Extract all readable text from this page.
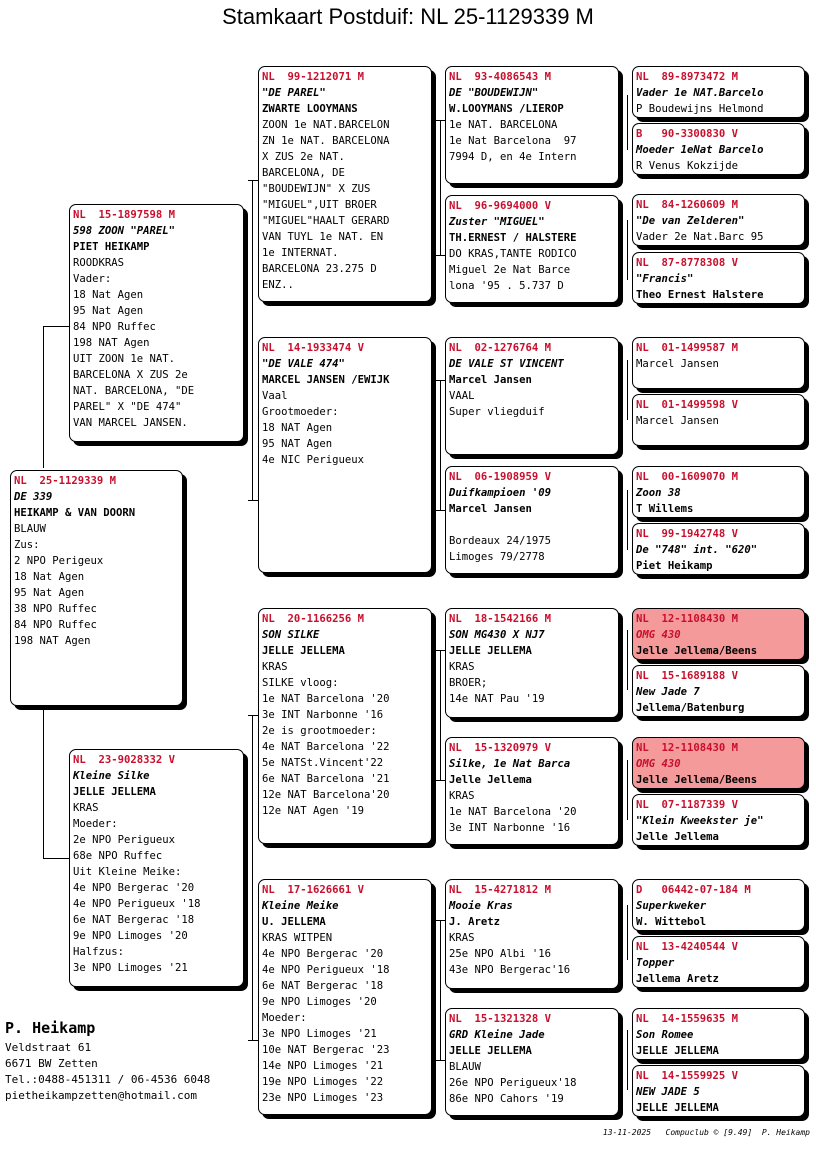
Stamkaart Postduif: NL 25-1129339 M
NL  25-1129339 M
DE 339
HEIKAMP & VAN DOORN
BLAUW
Zus:
2 NPO Perigeux
18 Nat Agen
95 Nat Agen
38 NPO Ruffec
84 NPO Ruffec
198 NAT Agen
NL  15-1897598 M
598 ZOON "PAREL"
PIET HEIKAMP
ROODKRAS
Vader:
18 Nat Agen
95 Nat Agen
84 NPO Ruffec
198 NAT Agen
UIT ZOON 1e NAT.
BARCELONA X ZUS 2e
NAT. BARCELONA, "DE
PAREL" X "DE 474"
VAN MARCEL JANSEN.
NL  23-9028332 V
Kleine Silke
JELLE JELLEMA
KRAS
Moeder:
2e NPO Perigueux
68e NPO Ruffec
Uit Kleine Meike:
4e NPO Bergerac '20
4e NPO Perigueux '18
6e NAT Bergerac '18
9e NPO Limoges '20
Halfzus:
3e NPO Limoges '21
NL  99-1212071 M
"DE PAREL"
ZWARTE LOOYMANS
ZOON 1e NAT.BARCELON
ZN 1e NAT. BARCELONA
X ZUS 2e NAT.
BARCELONA, DE
"BOUDEWIJN" X ZUS
"MIGUEL",UIT BROER
"MIGUEL"HAALT GERARD
VAN TUYL 1e NAT. EN
1e INTERNAT.
BARCELONA 23.275 D
ENZ..
NL  14-1933474 V
"DE VALE 474"
MARCEL JANSEN /EWIJK
Vaal
Grootmoeder:
18 NAT Agen
95 NAT Agen
4e NIC Perigueux
NL  20-1166256 M
SON SILKE
JELLE JELLEMA
KRAS
SILKE vloog:
1e NAT Barcelona '20
3e INT Narbonne '16
2e is grootmoeder:
4e NAT Barcelona '22
5e NATSt.Vincent'22
6e NAT Barcelona '21
12e NAT Barcelona'20
12e NAT Agen '19
NL  17-1626661 V
Kleine Meike
U. JELLEMA
KRAS WITPEN
4e NPO Bergerac '20
4e NPO Perigueux '18
6e NAT Bergerac '18
9e NPO Limoges '20
Moeder:
3e NPO Limoges '21
10e NAT Bergerac '23
14e NPO Limoges '21
19e NPO Limoges '22
23e NPO Limoges '23
NL  93-4086543 M
DE "BOUDEWIJN"
W.LOOYMANS /LIEROP
1e NAT. BARCELONA
1e Nat Barcelona  97
7994 D, en 4e Intern
NL  96-9694000 V
Zuster "MIGUEL"
TH.ERNEST / HALSTERE
DO KRAS,TANTE RODICO
Miguel 2e Nat Barce
lona '95 . 5.737 D
NL  02-1276764 M
DE VALE ST VINCENT
Marcel Jansen
VAAL
Super vliegduif
NL  06-1908959 V
Duifkampioen '09
Marcel Jansen
Bordeaux 24/1975
Limoges 79/2778
NL  18-1542166 M
SON MG430 X NJ7
JELLE JELLEMA
KRAS
BROER;
14e NAT Pau '19
NL  15-1320979 V
Silke, 1e Nat Barca
Jelle Jellema
KRAS
1e NAT Barcelona '20
3e INT Narbonne '16
NL  15-4271812 M
Mooie Kras
J. Aretz
KRAS
25e NPO Albi '16
43e NPO Bergerac'16
NL  15-1321328 V
GRD Kleine Jade
JELLE JELLEMA
BLAUW
26e NPO Perigueux'18
86e NPO Cahors '19
NL  89-8973472 M
Vader 1e NAT.Barcelo
P Boudewijns Helmond
B   90-3300830 V
Moeder 1eNat Barcelo
R Venus Kokzijde
NL  84-1260609 M
"De van Zelderen"
Vader 2e Nat.Barc 95
NL  87-8778308 V
"Francis"
Theo Ernest Halstere
NL  01-1499587 M
Marcel Jansen
NL  01-1499598 V
Marcel Jansen
NL  00-1609070 M
Zoon 38
T Willems
NL  99-1942748 V
De "748" int. "620"
Piet Heikamp
NL  12-1108430 M
OMG 430
Jelle Jellema/Beens
NL  15-1689188 V
New Jade 7
Jellema/Batenburg
NL  12-1108430 M
OMG 430
Jelle Jellema/Beens
NL  07-1187339 V
"Klein Kweekster je"
Jelle Jellema
D   06442-07-184 M
Superkweker
W. Wittebol
NL  13-4240544 V
Topper
Jellema Aretz
NL  14-1559635 M
Son Romee
JELLE JELLEMA
NL  14-1559925 V
NEW JADE 5
JELLE JELLEMA
P. Heikamp
Veldstraat 61
6671 BW Zetten
Tel.:0488-451311 / 06-4536 6048
pietheikampzetten@hotmail.com
13-11-2025   Compuclub © [9.49]  P. Heikamp
